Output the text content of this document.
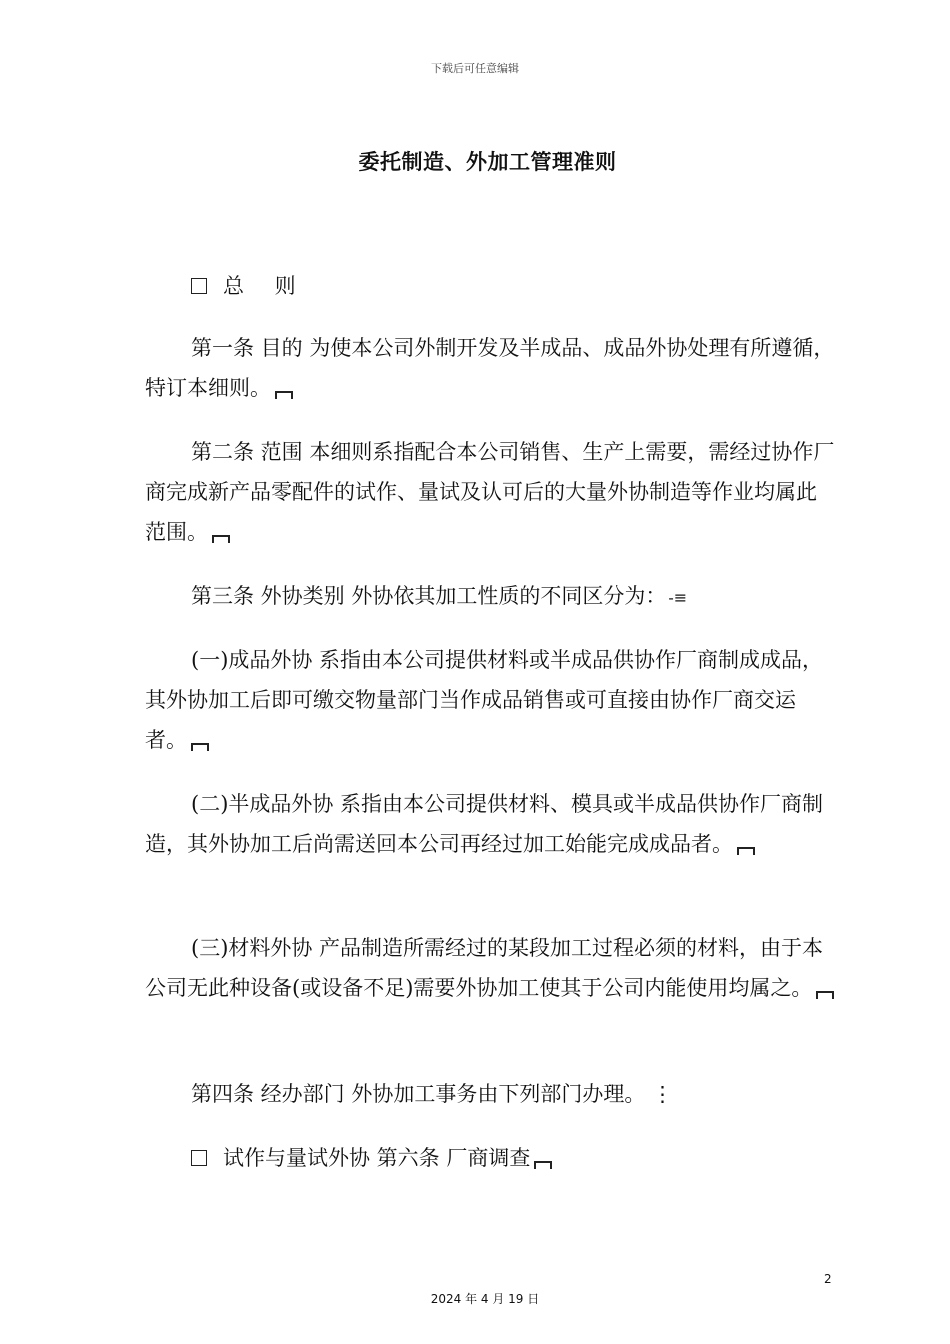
下载后可任意编辑
委托制造、外加工管理准则

总 则

第一条 目的 为使本公司外制开发及半成品、成品外协处理有所遵循，特订本细则。

第二条 范围 本细则系指配合本公司销售、生产上需要，需经过协作厂商完成新产品零配件的试作、量试及认可后的大量外协制造等作业均属此范围。

第三条 外协类别 外协依其加工性质的不同区分为： -≡

(一)成品外协 系指由本公司提供材料或半成品供协作厂商制成成品，其外协加工后即可缴交物量部门当作成品销售或可直接由协作厂商交运者。

(二)半成品外协 系指由本公司提供材料、模具或半成品供协作厂商制造，其外协加工后尚需送回本公司再经过加工始能完成成品者。

(三)材料外协 产品制造所需经过的某段加工过程必须的材料，由于本公司无此种设备(或设备不足)需要外协加工使其于公司内能使用均属之。

第四条 经办部门 外协加工事务由下列部门办理。 ⋮

试作与量试外协 第六条 厂商调查

2
2024 年 4 月 19 日
